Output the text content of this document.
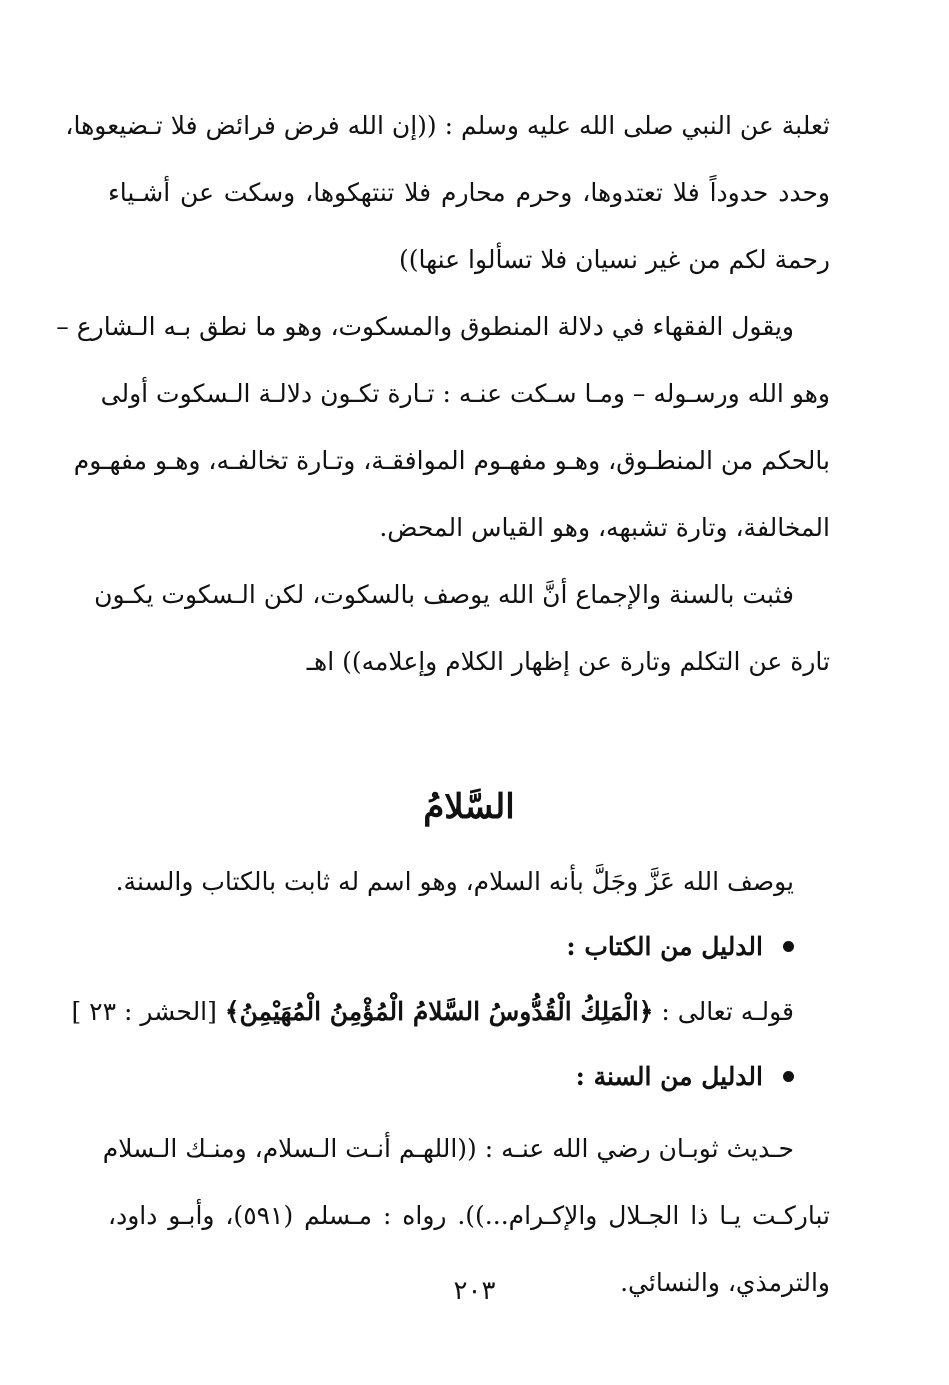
ثعلبة عن النبي صلى الله عليه وسلم : ((إن الله فرض فرائض فلا تـضيعوها،
وحدد حدوداً فلا تعتدوها، وحرم محارم فلا تنتهكوها، وسكت عن أشـياء
رحمة لكم من غير نسيان فلا تسألوا عنها))
ويقول الفقهاء في دلالة المنطوق والمسكوت، وهو ما نطق بـه الـشارع –
وهو الله ورسـوله – ومـا سـكت عنـه : تـارة تكـون دلالـة الـسكوت أولى
بالحكم من المنطـوق، وهـو مفهـوم الموافقـة، وتـارة تخالفـه، وهـو مفهـوم
المخالفة، وتارة تشبهه، وهو القياس المحض.
فثبت بالسنة والإجماع أنَّ الله يوصف بالسكوت، لكن الـسكوت يكـون
تارة عن التكلم وتارة عن إظهار الكلام وإعلامه)) اهـ
السَّلامُ
يوصف الله عَزَّ وجَلَّ بأنه السلام، وهو اسم له ثابت بالكتاب والسنة.
الدليل من الكتاب :
قولـه تعالى : ﴿الْمَلِكُ الْقُدُّوسُ السَّلامُ الْمُؤْمِنُ الْمُهَيْمِنُ﴾ [الحشر : ٢٣ ]
الدليل من السنة :
حـديث ثوبـان رضي الله عنـه : ((اللهـم أنـت الـسلام، ومنـك الـسلام
تباركـت يـا ذا الجـلال والإكـرام...)). رواه : مـسلم (٥٩١)، وأبـو داود،
والترمذي، والنسائي.
٢٠٣
